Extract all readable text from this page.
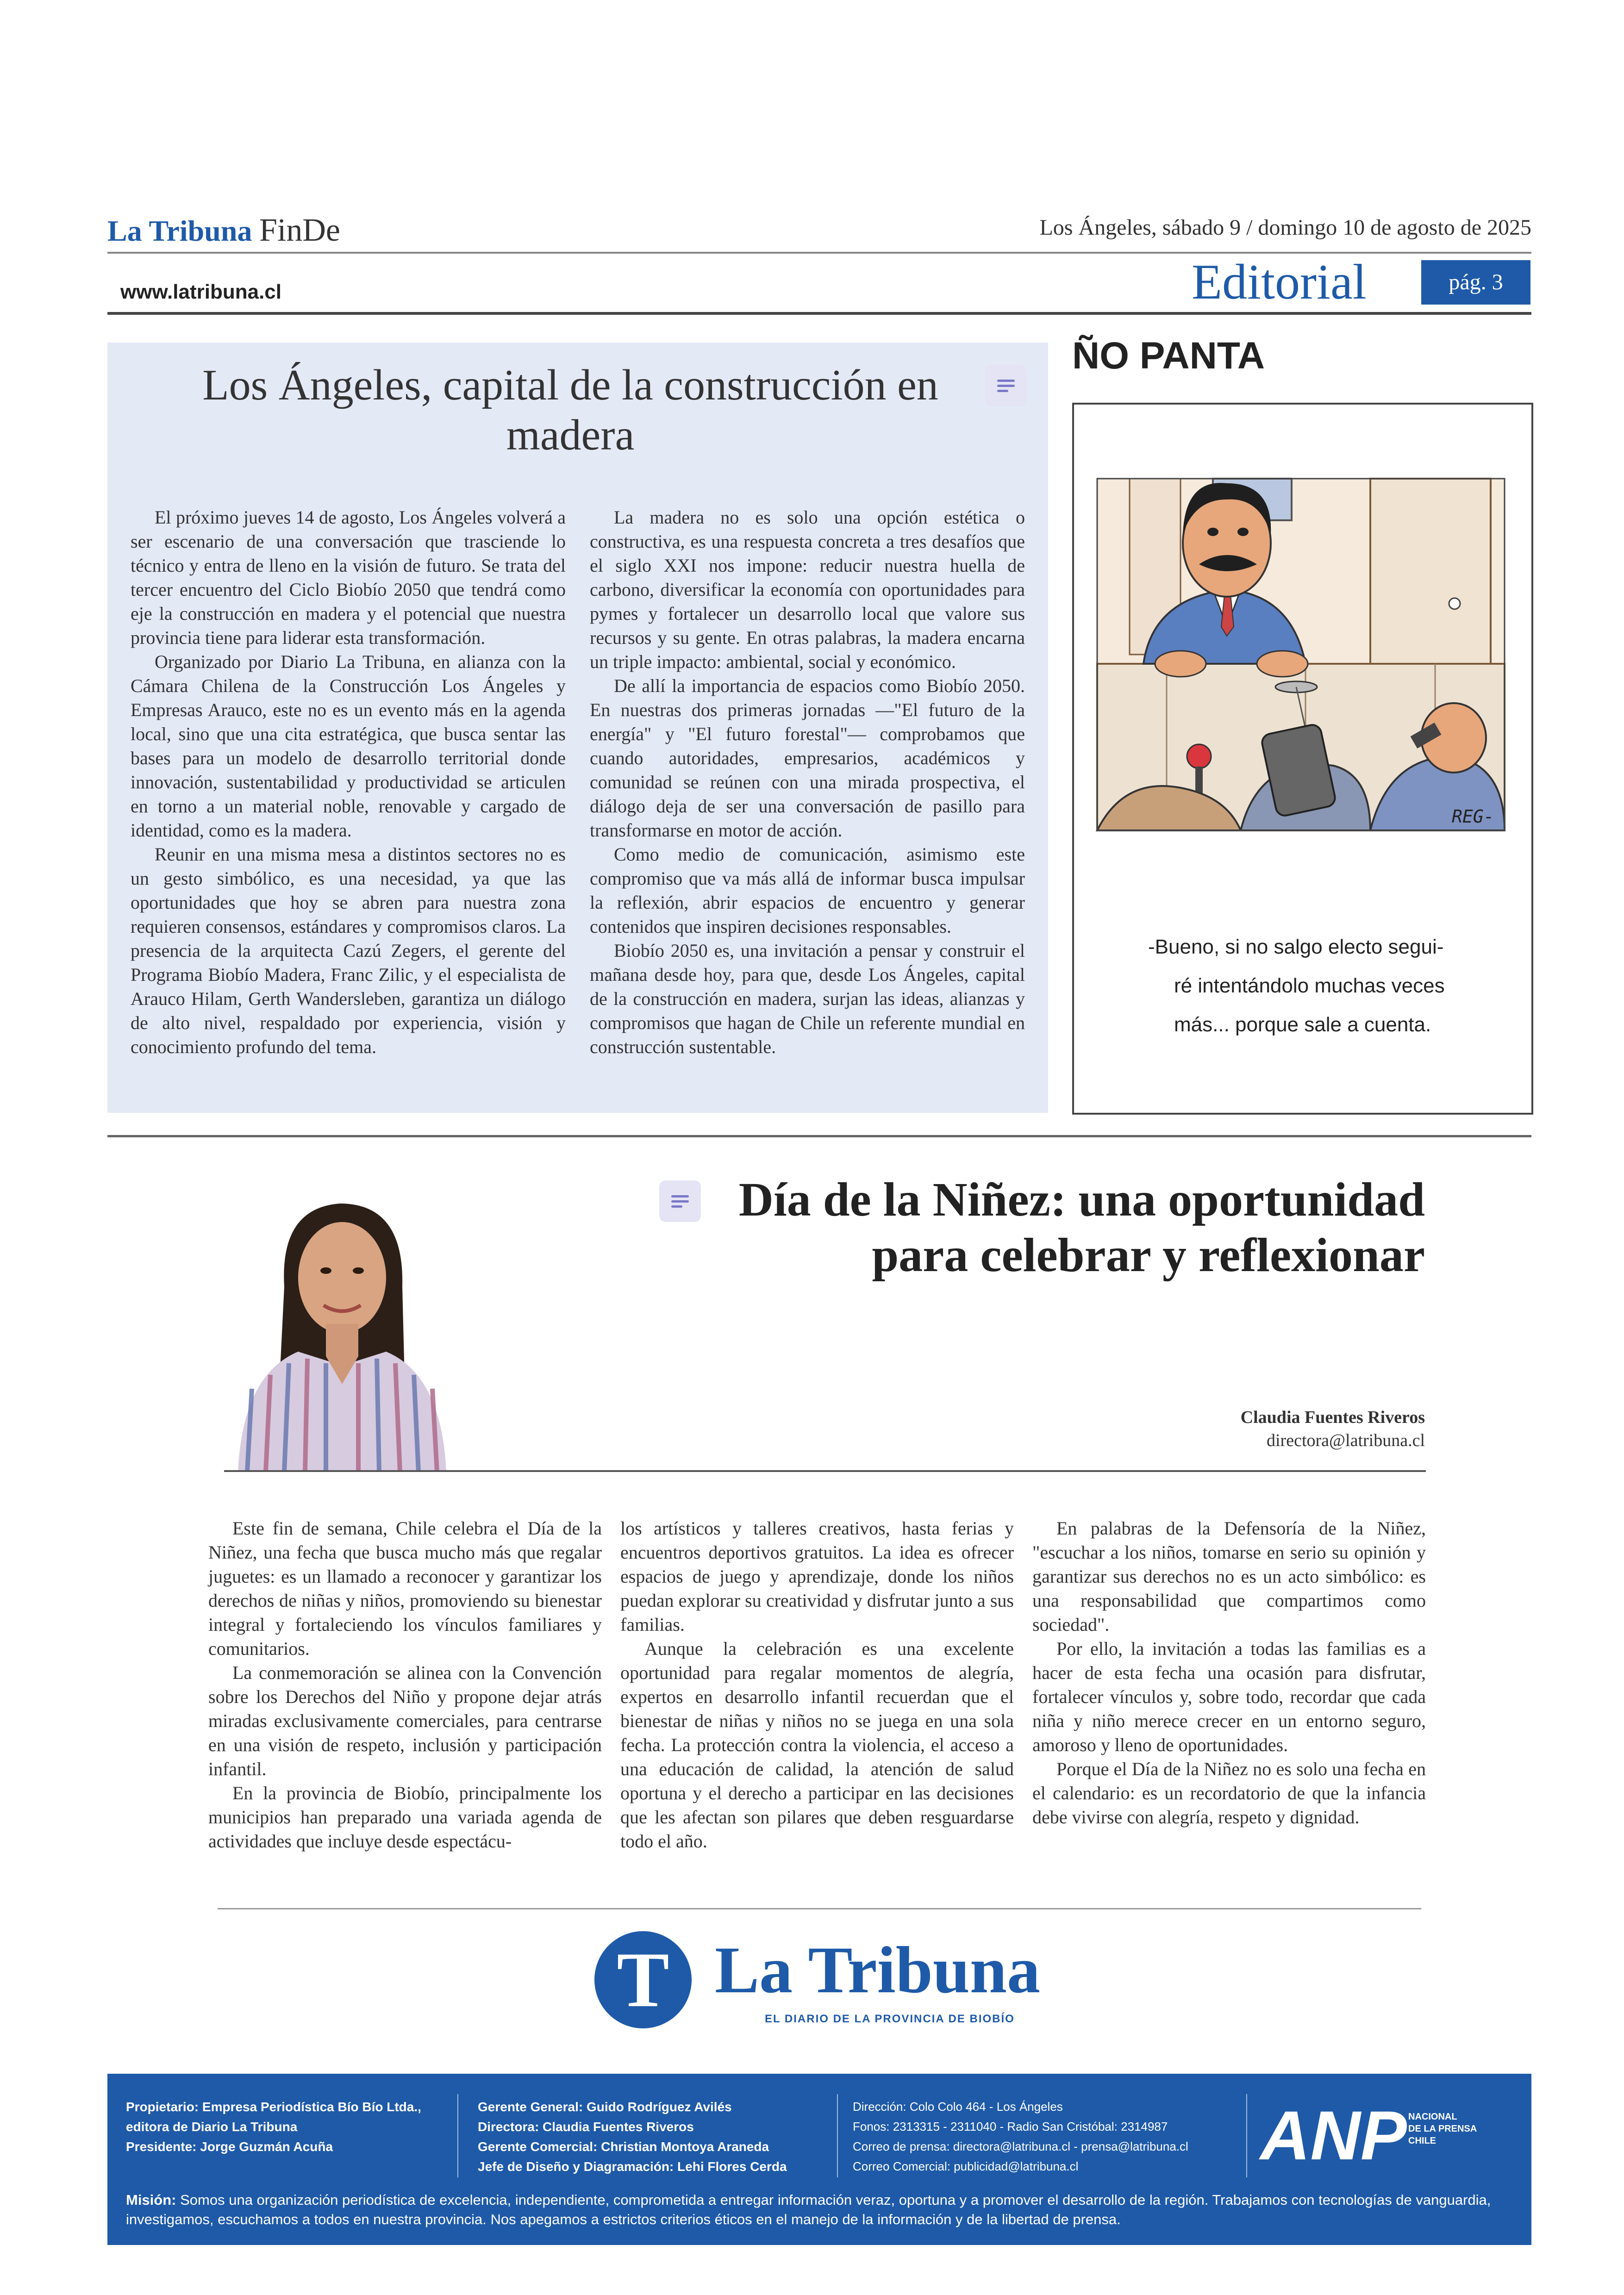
La Tribuna FinDe	Los Ángeles, sábado 9 / domingo 10 de agosto de 2025
www.latribuna.cl	Editorial	pág. 3
Los Ángeles, capital de la construcción en madera

El próximo jueves 14 de agosto, Los Ángeles volverá a ser escenario de una conversación que trasciende lo técnico y entra de lleno en la visión de futuro. Se trata del tercer encuentro del Ciclo Biobío 2050 que tendrá como eje la construcción en madera y el potencial que nuestra provincia tiene para liderar esta transformación.

Organizado por Diario La Tribuna, en alianza con la Cámara Chilena de la Construcción Los Ángeles y Empresas Arauco, este no es un evento más en la agenda local, sino que una cita estratégica, que busca sentar las bases para un modelo de desarrollo territorial donde innovación, sustentabilidad y productividad se articulen en torno a un material noble, renovable y cargado de identidad, como es la madera.

Reunir en una misma mesa a distintos sectores no es un gesto simbólico, es una necesidad, ya que las oportunidades que hoy se abren para nuestra zona requieren consensos, estándares y compromisos claros. La presencia de la arquitecta Cazú Zegers, el gerente del Programa Biobío Madera, Franc Zilic, y el especialista de Arauco Hilam, Gerth Wandersleben, garantiza un diálogo de alto nivel, respaldado por experiencia, visión y conocimiento profundo del tema.

La madera no es solo una opción estética o constructiva, es una respuesta concreta a tres desafíos que el siglo XXI nos impone: reducir nuestra huella de carbono, diversificar la economía con oportunidades para pymes y fortalecer un desarrollo local que valore sus recursos y su gente. En otras palabras, la madera encarna un triple impacto: ambiental, social y económico.

De allí la importancia de espacios como Biobío 2050. En nuestras dos primeras jornadas —"El futuro de la energía" y "El futuro forestal"— comprobamos que cuando autoridades, empresarios, académicos y comunidad se reúnen con una mirada prospectiva, el diálogo deja de ser una conversación de pasillo para transformarse en motor de acción.

Como medio de comunicación, asimismo este compromiso que va más allá de informar busca impulsar la reflexión, abrir espacios de encuentro y generar contenidos que inspiren decisiones responsables.

Biobío 2050 es, una invitación a pensar y construir el mañana desde hoy, para que, desde Los Ángeles, capital de la construcción en madera, surjan las ideas, alianzas y compromisos que hagan de Chile un referente mundial en construcción sustentable.

ÑO PANTA
REG-
-Bueno, si no salgo electo segui-
ré intentándolo muchas veces
más... porque sale a cuenta.
Día de la Niñez: una oportunidad
para celebrar y reflexionar
Claudia Fuentes Riveros
directora@latribuna.cl

Este fin de semana, Chile celebra el Día de la Niñez, una fecha que busca mucho más que regalar juguetes: es un llamado a reconocer y garantizar los derechos de niñas y niños, promoviendo su bienestar integral y fortaleciendo los vínculos familiares y comunitarios.

La conmemoración se alinea con la Convención sobre los Derechos del Niño y propone dejar atrás miradas exclusivamente comerciales, para centrarse en una visión de respeto, inclusión y participación infantil.

En la provincia de Biobío, principalmente los municipios han preparado una variada agenda de actividades que incluye desde espectácu-

los artísticos y talleres creativos, hasta ferias y encuentros deportivos gratuitos. La idea es ofrecer espacios de juego y aprendizaje, donde los niños puedan explorar su creatividad y disfrutar junto a sus familias.

Aunque la celebración es una excelente oportunidad para regalar momentos de alegría, expertos en desarrollo infantil recuerdan que el bienestar de niñas y niños no se juega en una sola fecha. La protección contra la violencia, el acceso a una educación de calidad, la atención de salud oportuna y el derecho a participar en las decisiones que les afectan son pilares que deben resguardarse todo el año.

En palabras de la Defensoría de la Niñez, "escuchar a los niños, tomarse en serio su opinión y garantizar sus derechos no es un acto simbólico: es una responsabilidad que compartimos como sociedad".

Por ello, la invitación a todas las familias es a hacer de esta fecha una ocasión para disfrutar, fortalecer vínculos y, sobre todo, recordar que cada niña y niño merece crecer en un entorno seguro, amoroso y lleno de oportunidades.

Porque el Día de la Niñez no es solo una fecha en el calendario: es un recordatorio de que la infancia debe vivirse con alegría, respeto y dignidad.

T La Tribuna
EL DIARIO DE LA PROVINCIA DE BIOBÍO
Propietario: Empresa Periodística Bío Bío Ltda.,
editora de Diario La Tribuna
Presidente: Jorge Guzmán Acuña
Gerente General: Guido Rodríguez Avilés
Directora: Claudia Fuentes Riveros
Gerente Comercial: Christian Montoya Araneda
Jefe de Diseño y Diagramación: Lehi Flores Cerda
Dirección: Colo Colo 464 - Los Ángeles
Fonos: 2313315 - 2311040 - Radio San Cristóbal: 2314987
Correo de prensa: directora@latribuna.cl - prensa@latribuna.cl
Correo Comercial: publicidad@latribuna.cl	ANP NACIONAL
DE LA PRENSA
CHILE
Misión: Somos una organización periodística de excelencia, independiente, comprometida a entregar información veraz, oportuna y a promover el desarrollo de la región. Trabajamos con tecnologías de vanguardia, investigamos, escuchamos a todos en nuestra provincia. Nos apegamos a estrictos criterios éticos en el manejo de la información y de la libertad de prensa.
